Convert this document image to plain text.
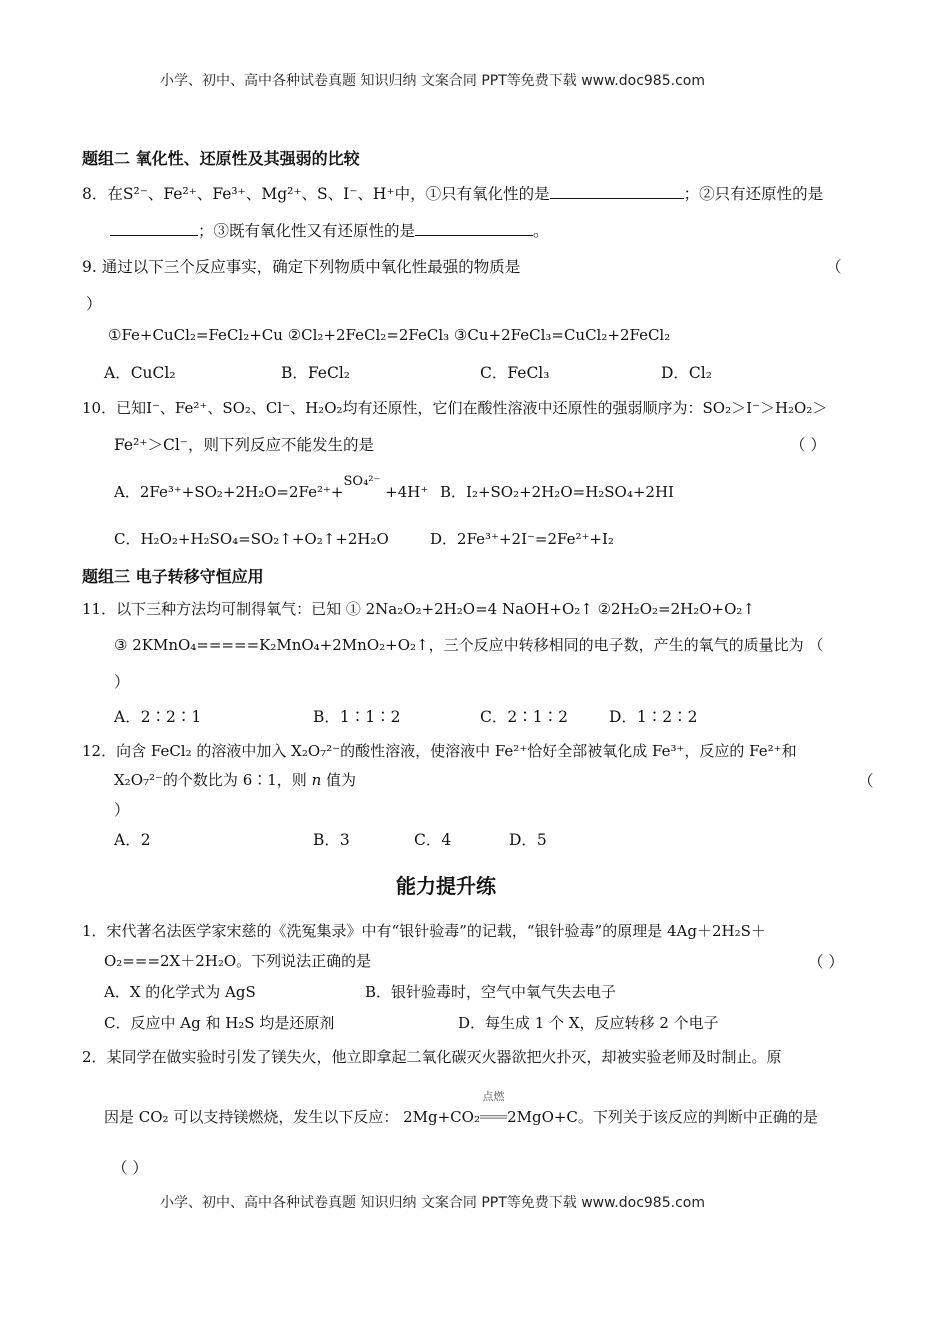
小学、初中、高中各种试卷真题 知识归纳 文案合同 PPT等免费下载 www.doc985.com
题组二 氧化性、还原性及其强弱的比较
8．在S²⁻、Fe²⁺、Fe³⁺、Mg²⁺、S、I⁻、H⁺中，①只有氧化性的是	；②只有还原性的是
；③既有氧化性又有还原性的是	。
9. 通过以下三个反应事实，确定下列物质中氧化性最强的物质是	（
）
①Fe+CuCl₂=FeCl₂+Cu ②Cl₂+2FeCl₂=2FeCl₃ ③Cu+2FeCl₃=CuCl₂+2FeCl₂
A．CuCl₂	B．FeCl₂	C．FeCl₃	D．Cl₂
10．已知I⁻、Fe²⁺、SO₂、Cl⁻、H₂O₂均有还原性，它们在酸性溶液中还原性的强弱顺序为：SO₂＞I⁻＞H₂O₂＞
Fe²⁺＞Cl⁻，则下列反应不能发生的是	（ ）
A．2Fe³⁺+SO₂+2H₂O=2Fe²⁺+SO₄²⁻ +4H⁺ B．I₂+SO₂+2H₂O=H₂SO₄+2HI
C．H₂O₂+H₂SO₄=SO₂↑+O₂↑+2H₂O	D．2Fe³⁺+2I⁻=2Fe²⁺+I₂
题组三 电子转移守恒应用
11．以下三种方法均可制得氧气：已知 ① 2Na₂O₂+2H₂O=4 NaOH+O₂↑ ②2H₂O₂=2H₂O+O₂↑
③ 2KMnO₄=====K₂MnO₄+2MnO₂+O₂↑，三个反应中转移相同的电子数，产生的氧气的质量比为 （
）
A．2∶2∶1	B．1∶1∶2	C．2∶1∶2	D．1∶2∶2
12．向含 FeCl₂ 的溶液中加入 X₂O₇²⁻的酸性溶液，使溶液中 Fe²⁺恰好全部被氧化成 Fe³⁺，反应的 Fe²⁺和
X₂O₇²⁻的个数比为 6∶1，则 n 值为	（
）
A．2	B．3	C．4	D．5
能力提升练
1．宋代著名法医学家宋慈的《洗冤集录》中有“银针验毒”的记载，“银针验毒”的原理是 4Ag＋2H₂S＋
O₂===2X＋2H₂O。下列说法正确的是	（ ）
A．X 的化学式为 AgS	B．银针验毒时，空气中氧气失去电子
C．反应中 Ag 和 H₂S 均是还原剂	D．每生成 1 个 X，反应转移 2 个电子
2．某同学在做实验时引发了镁失火，他立即拿起二氧化碳灭火器欲把火扑灭，却被实验老师及时制止。原
因是 CO₂ 可以支持镁燃烧，发生以下反应： 2Mg+CO₂
点燃
═══2MgO+C。下列关于该反应的判断中正确的是
（ ）
小学、初中、高中各种试卷真题 知识归纳 文案合同 PPT等免费下载 www.doc985.com
